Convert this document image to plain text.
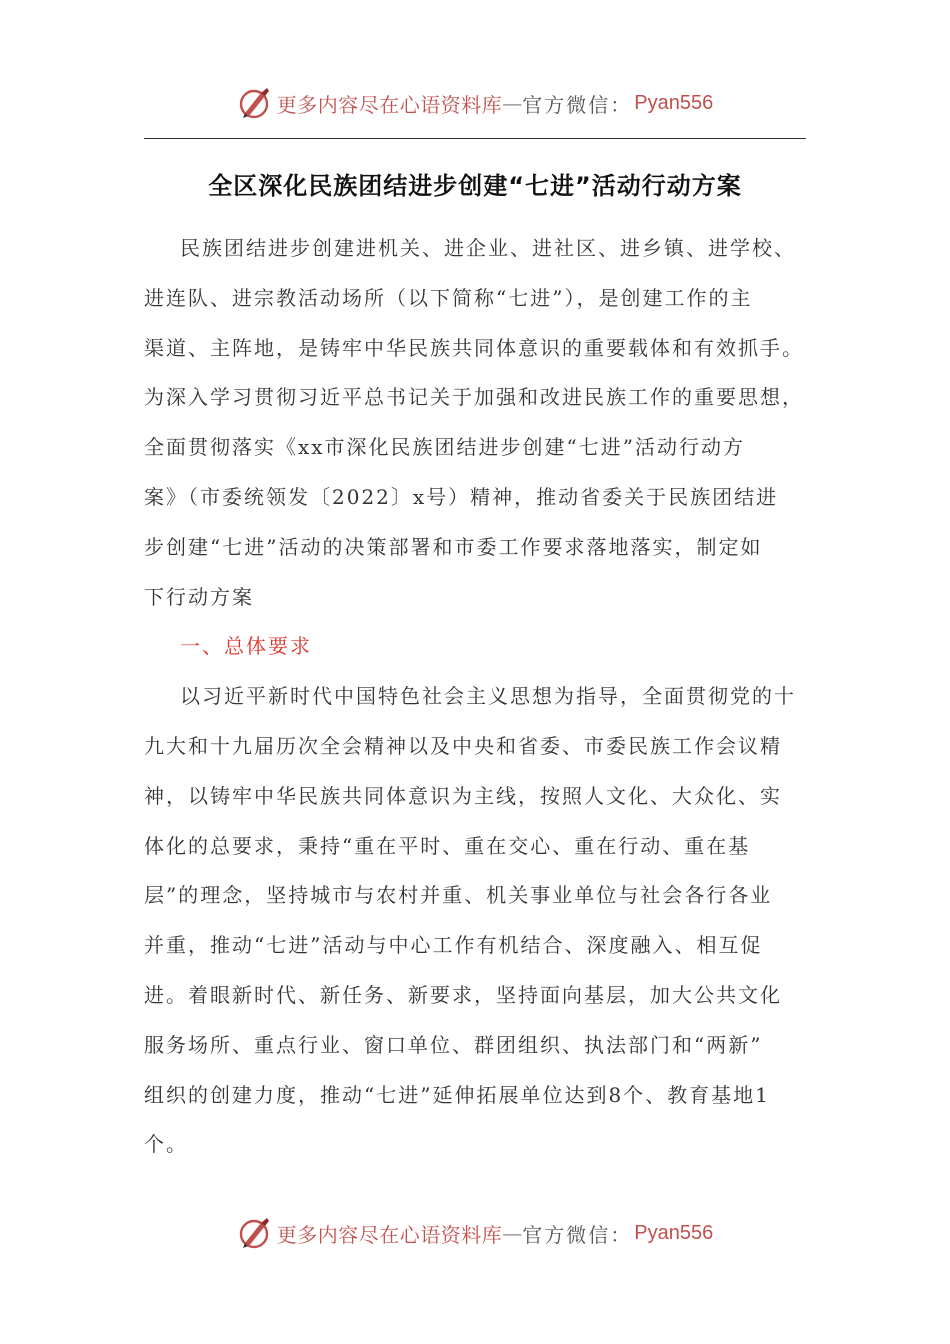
更多内容尽在心语资料库 — 官方微信： Pyan556
全区深化民族团结进步创建“七进”活动行动方案
民族团结进步创建进机关、进企业、进社区、进乡镇、进学校、
进连队、进宗教活动场所（以下简称“七进”），是创建工作的主
渠道、主阵地，是铸牢中华民族共同体意识的重要载体和有效抓手。
为深入学习贯彻习近平总书记关于加强和改进民族工作的重要思想，
全面贯彻落实《xx市深化民族团结进步创建“七进”活动行动方
案》（市委统领发〔2022〕x号）精神，推动省委关于民族团结进
步创建“七进”活动的决策部署和市委工作要求落地落实，制定如
下行动方案
一、总体要求
以习近平新时代中国特色社会主义思想为指导，全面贯彻党的十
九大和十九届历次全会精神以及中央和省委、市委民族工作会议精
神，以铸牢中华民族共同体意识为主线，按照人文化、大众化、实
体化的总要求，秉持“重在平时、重在交心、重在行动、重在基
层”的理念，坚持城市与农村并重、机关事业单位与社会各行各业
并重，推动“七进”活动与中心工作有机结合、深度融入、相互促
进。着眼新时代、新任务、新要求，坚持面向基层，加大公共文化
服务场所、重点行业、窗口单位、群团组织、执法部门和“两新”
组织的创建力度，推动“七进”延伸拓展单位达到8个、教育基地1
个。
更多内容尽在心语资料库 — 官方微信： Pyan556
